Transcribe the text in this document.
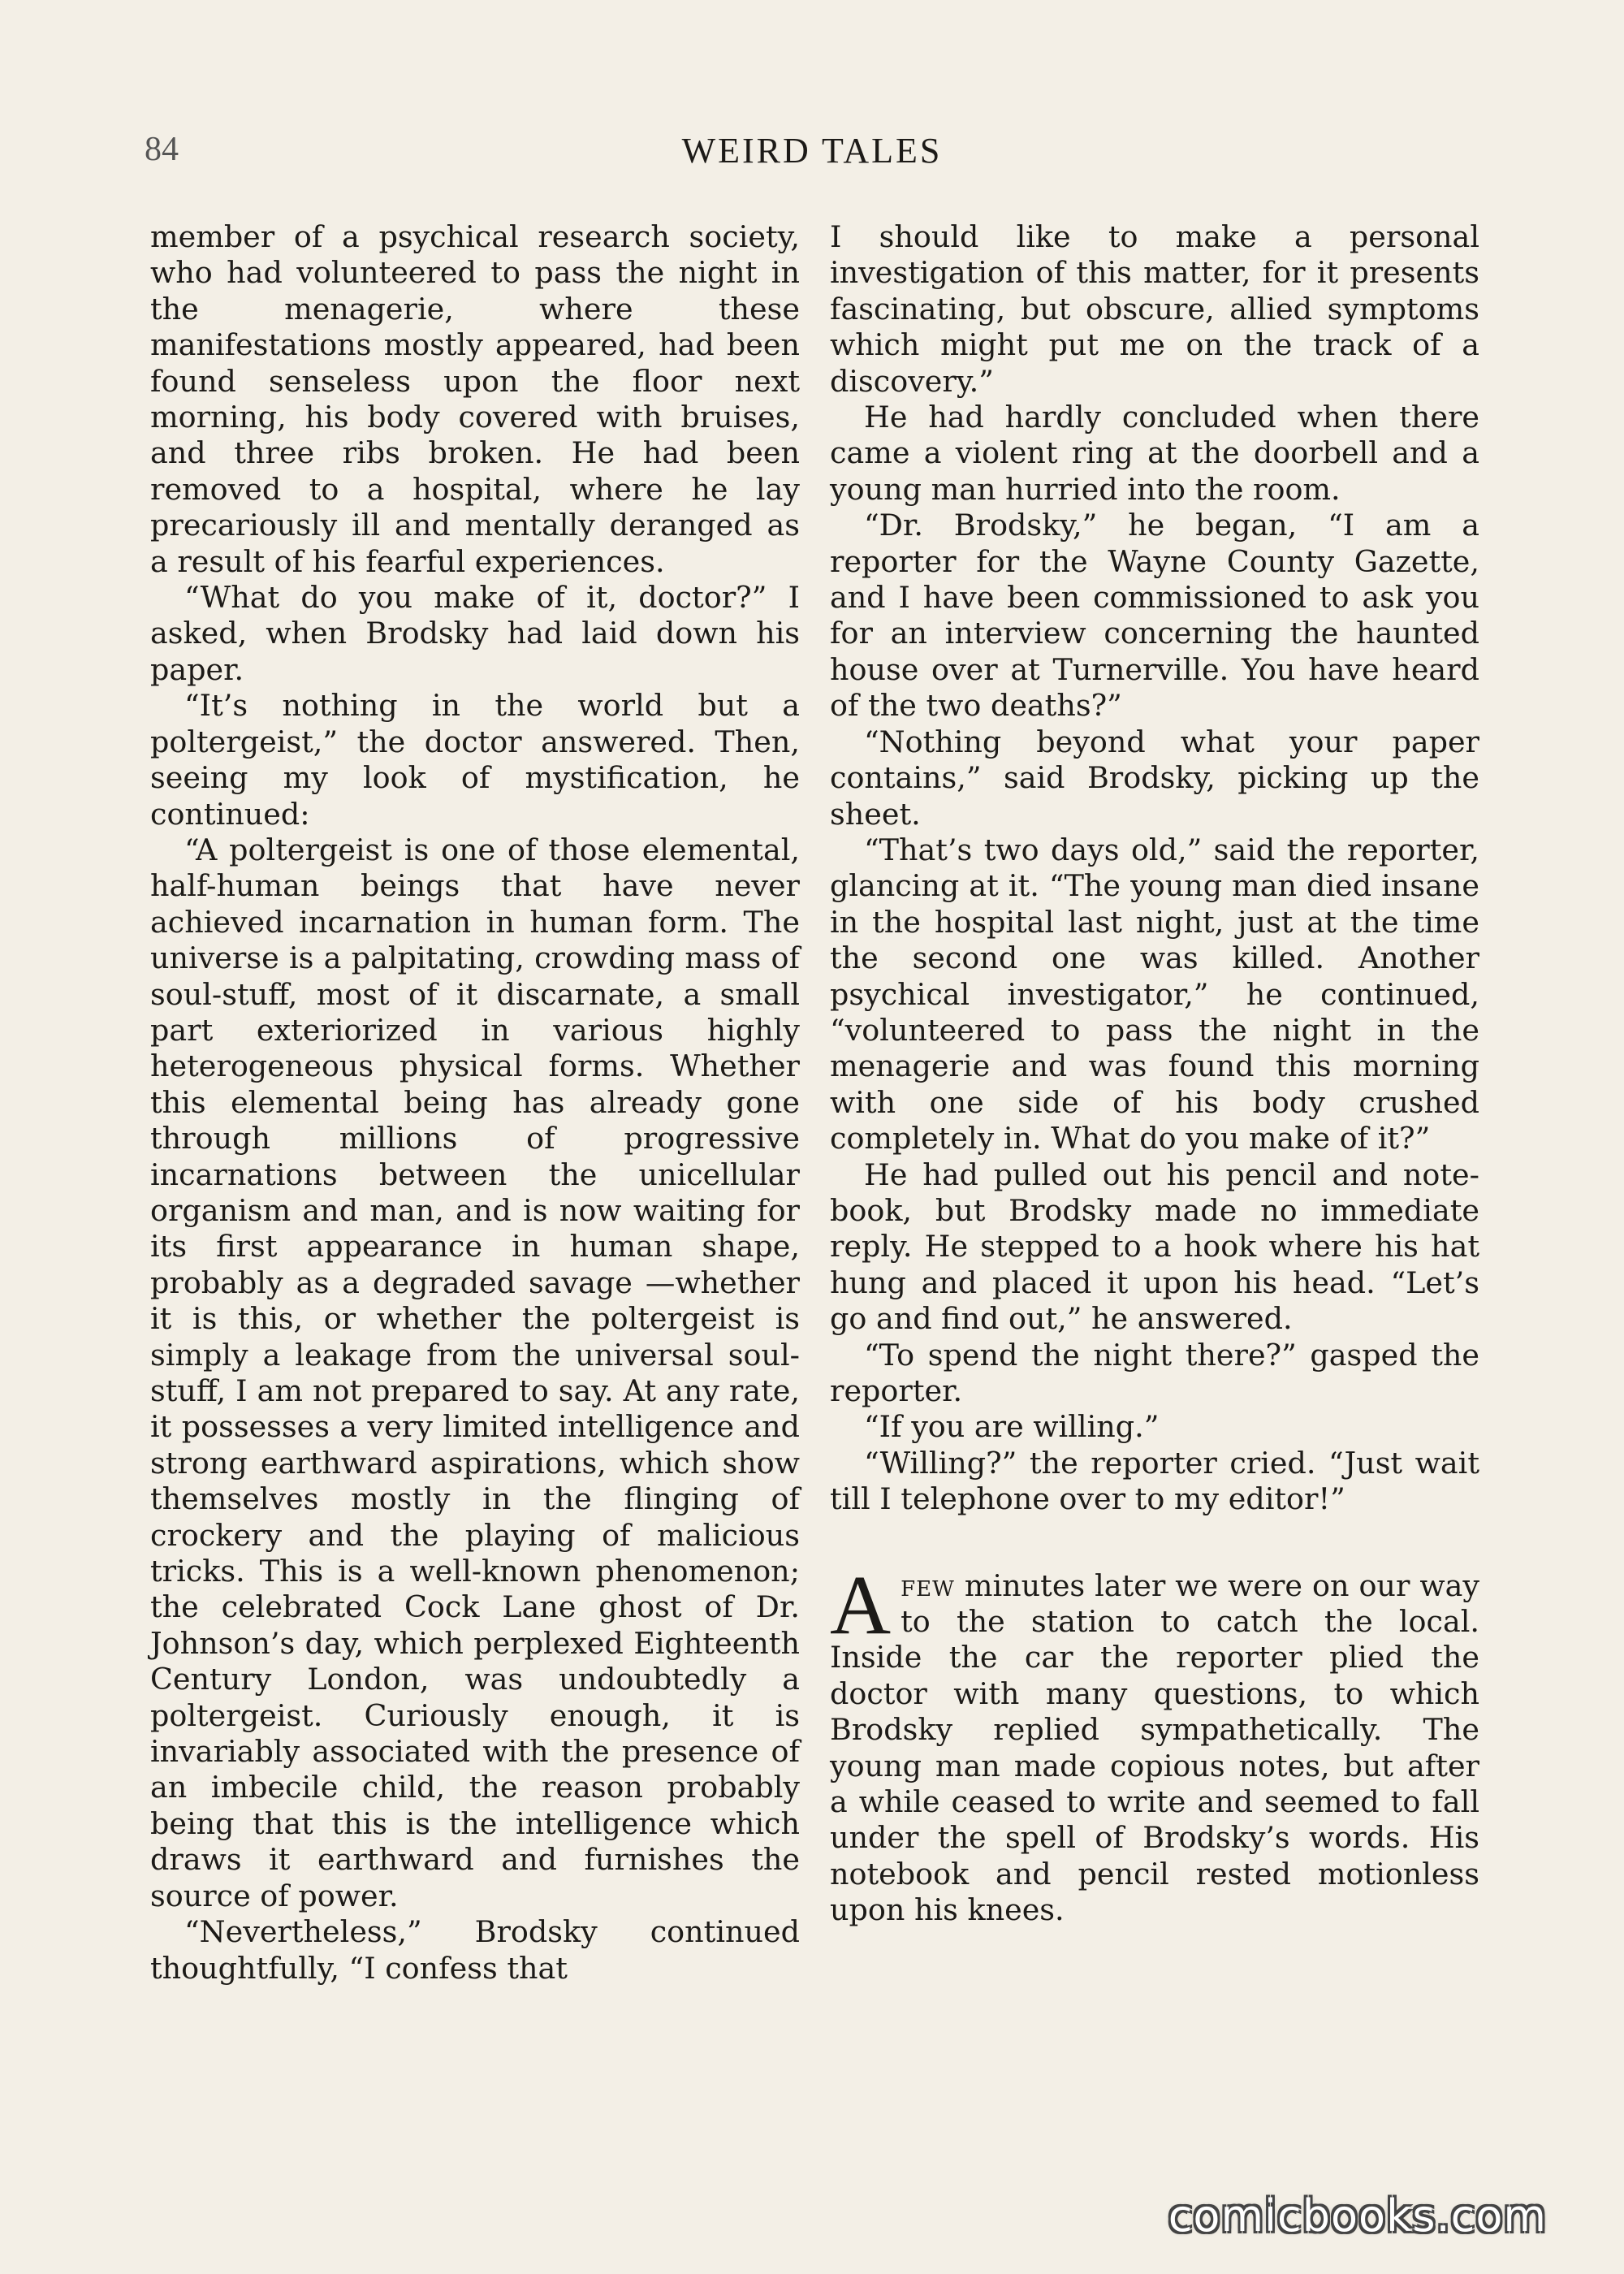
84	WEIRD TALES

member of a psychical research society, who had volunteered to pass the night in the menagerie, where these manifestations mostly appeared, had been found senseless upon the floor next morning, his body covered with bruises, and three ribs broken. He had been removed to a hospital, where he lay precariously ill and mentally deranged as a result of his fearful experiences.

“What do you make of it, doctor?” I asked, when Brodsky had laid down his paper.

“It’s nothing in the world but a poltergeist,” the doctor answered. Then, seeing my look of mystification, he continued:

“A poltergeist is one of those elemental, half-human beings that have never achieved incarnation in human form. The universe is a palpitating, crowding mass of soul-stuff, most of it discarnate, a small part exteriorized in various highly heterogeneous physical forms. Whether this elemental being has already gone through millions of progressive incarnations between the unicellular organism and man, and is now waiting for its first appearance in human shape, probably as a degraded savage —whether it is this, or whether the poltergeist is simply a leakage from the universal soul-stuff, I am not prepared to say. At any rate, it possesses a very limited intelligence and strong earthward aspirations, which show themselves mostly in the flinging of crockery and the playing of malicious tricks. This is a well-known phenomenon; the celebrated Cock Lane ghost of Dr. Johnson’s day, which perplexed Eighteenth Century London, was undoubtedly a poltergeist. Curiously enough, it is invariably associated with the presence of an imbecile child, the reason probably being that this is the intelligence which draws it earthward and furnishes the source of power.

“Nevertheless,” Brodsky continued thoughtfully, “I confess that

I should like to make a personal investigation of this matter, for it presents fascinating, but obscure, allied symptoms which might put me on the track of a discovery.”

He had hardly concluded when there came a violent ring at the doorbell and a young man hurried into the room.

“Dr. Brodsky,” he began, “I am a reporter for the Wayne County Gazette, and I have been commissioned to ask you for an interview concerning the haunted house over at Turnerville. You have heard of the two deaths?”

“Nothing beyond what your paper contains,” said Brodsky, picking up the sheet.

“That’s two days old,” said the reporter, glancing at it. “The young man died insane in the hospital last night, just at the time the second one was killed. Another psychical investigator,” he continued, “volunteered to pass the night in the menagerie and was found this morning with one side of his body crushed completely in. What do you make of it?”

He had pulled out his pencil and note-book, but Brodsky made no immediate reply. He stepped to a hook where his hat hung and placed it upon his head. “Let’s go and find out,” he answered.

“To spend the night there?” gasped the reporter.

“If you are willing.”

“Willing?” the reporter cried. “Just wait till I telephone over to my editor!”

Afew minutes later we were on our way to the station to catch the local. Inside the car the reporter plied the doctor with many questions, to which Brodsky replied sympathetically. The young man made copious notes, but after a while ceased to write and seemed to fall under the spell of Brodsky’s words. His notebook and pencil rested motionless upon his knees.

comicbooks.com
